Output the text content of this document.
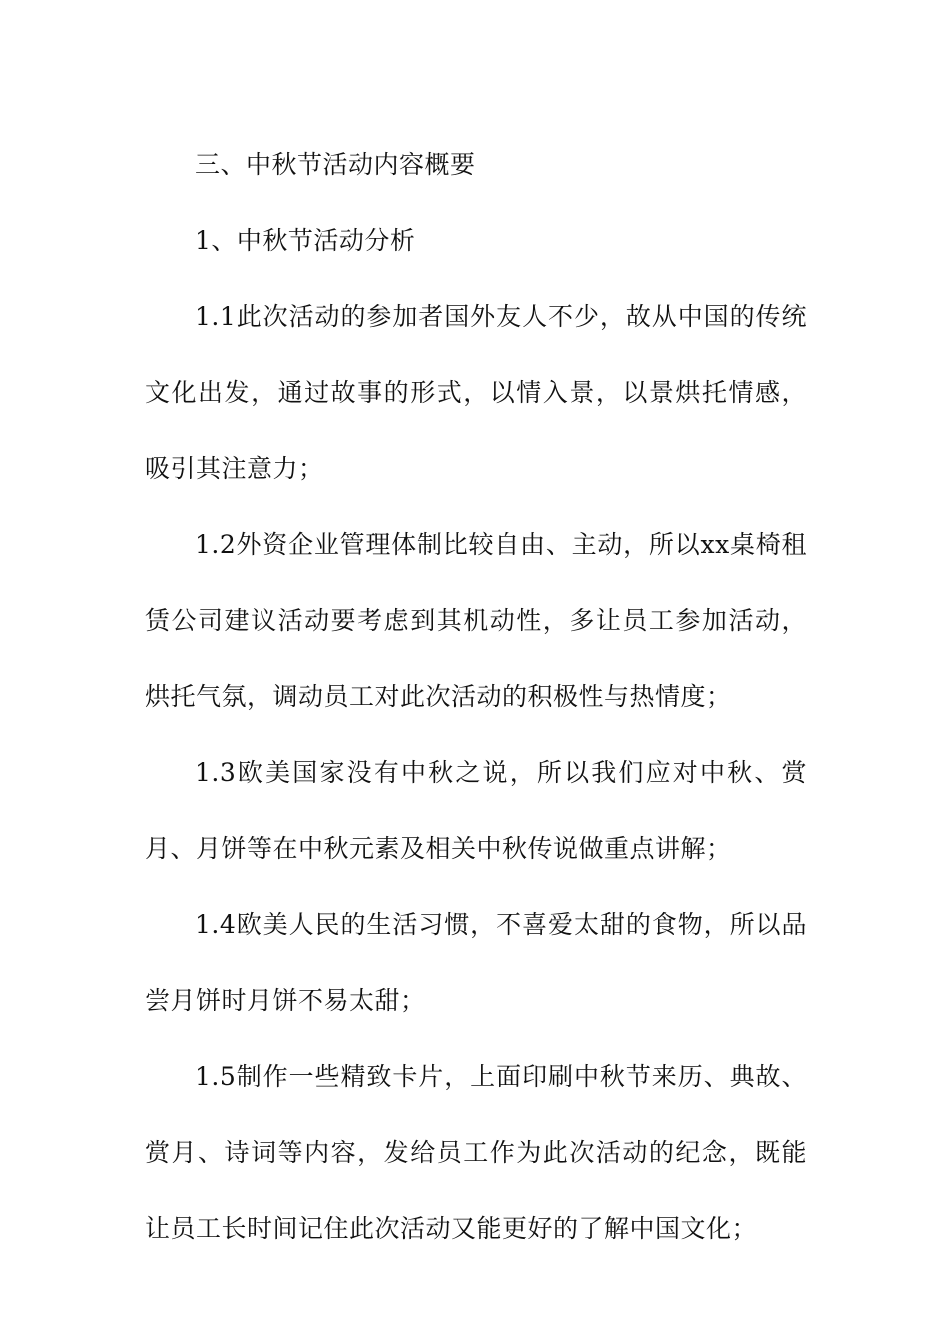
三、中秋节活动内容概要

1、中秋节活动分析

1.1此次活动的参加者国外友人不少，故从中国的传统文化出发，通过故事的形式，以情入景，以景烘托情感，吸引其注意力；

1.2外资企业管理体制比较自由、主动，所以xx桌椅租赁公司建议活动要考虑到其机动性，多让员工参加活动，烘托气氛，调动员工对此次活动的积极性与热情度；

1.3欧美国家没有中秋之说，所以我们应对中秋、赏月、月饼等在中秋元素及相关中秋传说做重点讲解；

1.4欧美人民的生活习惯，不喜爱太甜的食物，所以品尝月饼时月饼不易太甜；

1.5制作一些精致卡片，上面印刷中秋节来历、典故、赏月、诗词等内容，发给员工作为此次活动的纪念，既能让员工长时间记住此次活动又能更好的了解中国文化；
